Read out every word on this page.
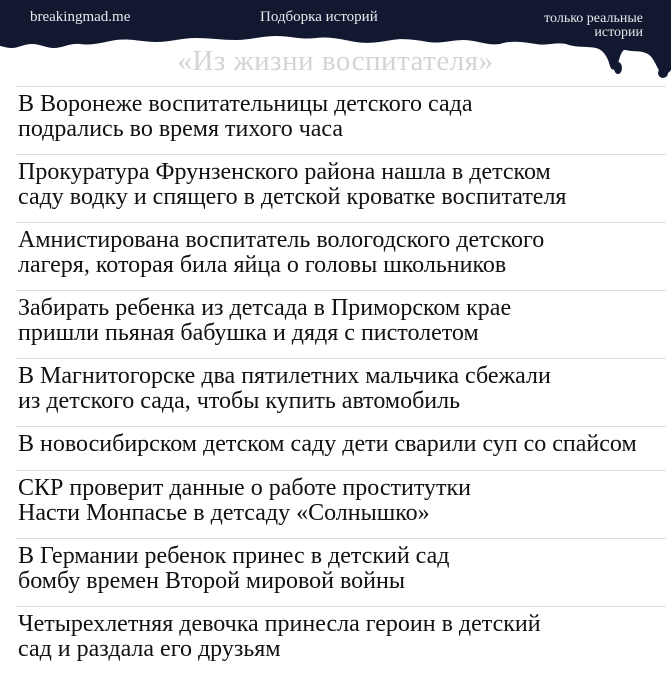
breakingmad.me	Подборка историй	только реальные истории
«Из жизни воспитателя»
В Воронеже воспитательницы детского сада
подрались во время тихого часа
Прокуратура Фрунзенского района нашла в детском
саду водку и спящего в детской кроватке воспитателя
Амнистирована воспитатель вологодского детского
лагеря, которая била яйца о головы школьников
Забирать ребенка из детсада в Приморском крае
пришли пьяная бабушка и дядя с пистолетом
В Магнитогорске два пятилетних мальчика сбежали
из детского сада, чтобы купить автомобиль
В новосибирском детском саду дети сварили суп со спайсом
СКР проверит данные о работе проститутки
Насти Монпасье в детсаду «Солнышко»
В Германии ребенок принес в детский сад
бомбу времен Второй мировой войны
Четырехлетняя девочка принесла героин в детский
сад и раздала его друзьям
